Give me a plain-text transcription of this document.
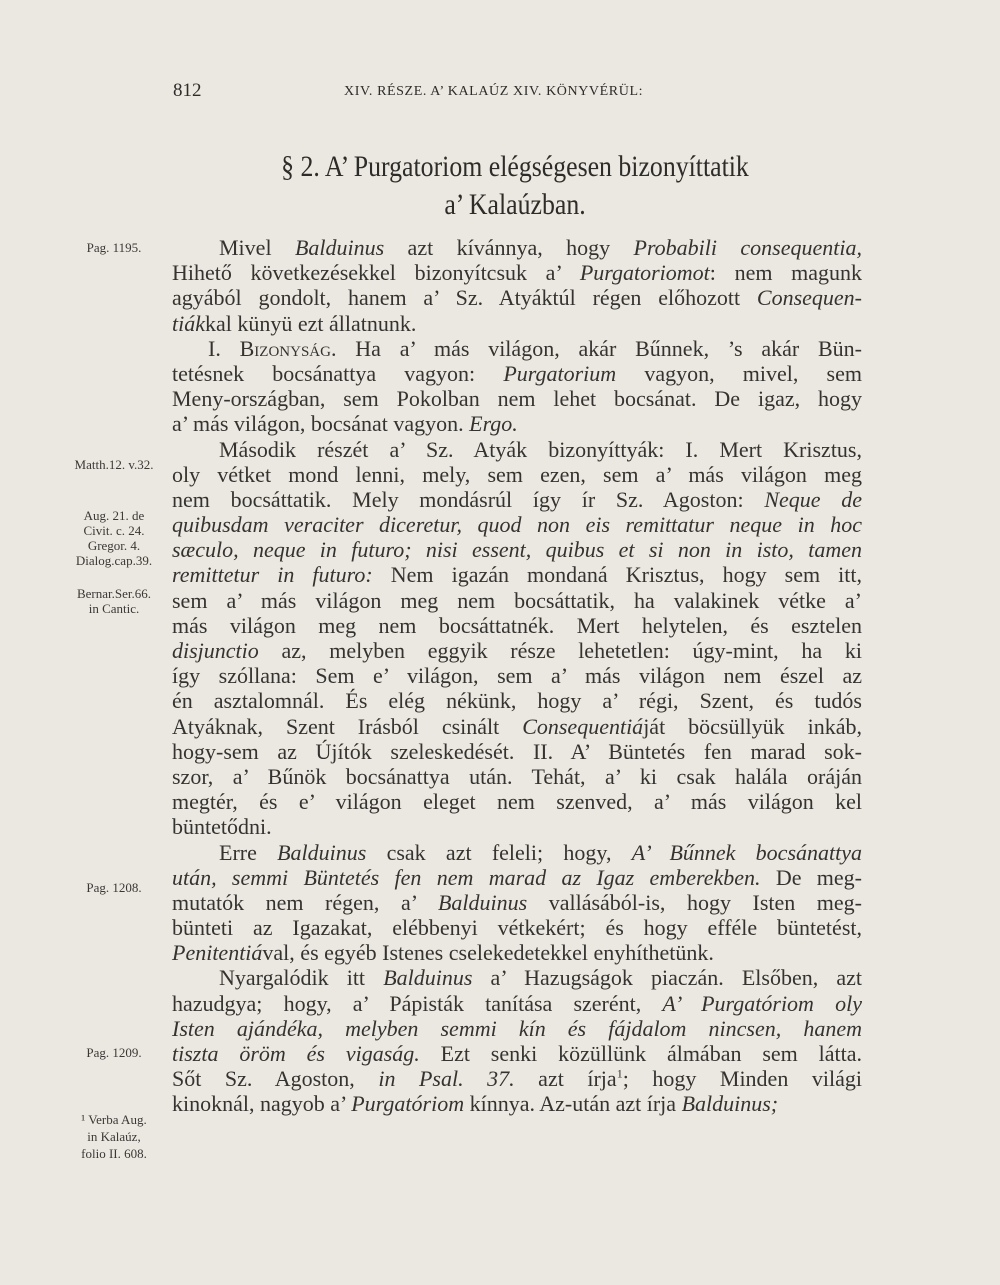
812	XIV. RÉSZE. A’ KALAÚZ XIV. KÖNYVÉRÜL:
§ 2. A’ Purgatoriom elégségesen bizonyíttatik
a’ Kalaúzban.
Pag. 1195.
Matth.12. v.32.
Aug. 21. de
Civit. c. 24.
Gregor. 4.
Dialog.cap.39.
Bernar.Ser.66.
in Cantic.
Pag. 1208.
Pag. 1209.
¹ Verba Aug.
in Kalaúz,
folio II. 608.
Mivel Balduinus azt kívánnya, hogy Probabili consequentia,
Hihető következésekkel bizonyítcsuk a’ Purgatoriomot: nem magunk
agyából gondolt, hanem a’ Sz. Atyáktúl régen előhozott Consequen-
tiákkal künyü ezt állatnunk.
I. Bizonyság. Ha a’ más világon, akár Bűnnek, ’s akár Bün-
tetésnek bocsánattya vagyon: Purgatorium vagyon, mivel, sem
Meny-országban, sem Pokolban nem lehet bocsánat. De igaz, hogy
a’ más világon, bocsánat vagyon. Ergo.
Második részét a’ Sz. Atyák bizonyíttyák: I. Mert Krisztus,
oly vétket mond lenni, mely, sem ezen, sem a’ más világon meg
nem bocsáttatik. Mely mondásrúl így ír Sz. Agoston: Neque de
quibusdam veraciter diceretur, quod non eis remittatur neque in hoc
sæculo, neque in futuro; nisi essent, quibus et si non in isto, tamen
remittetur in futuro: Nem igazán mondaná Krisztus, hogy sem itt,
sem a’ más világon meg nem bocsáttatik, ha valakinek vétke a’
más világon meg nem bocsáttatnék. Mert helytelen, és esztelen
disjunctio az, melyben eggyik része lehetetlen: úgy-mint, ha ki
így szóllana: Sem e’ világon, sem a’ más világon nem észel az
én asztalomnál. És elég nékünk, hogy a’ régi, Szent, és tudós
Atyáknak, Szent Irásból csinált Consequentiáját böcsüllyük inkáb,
hogy-sem az Újítók szeleskedését. II. A’ Büntetés fen marad sok-
szor, a’ Bűnök bocsánattya után. Tehát, a’ ki csak halála oráján
megtér, és e’ világon eleget nem szenved, a’ más világon kel
büntetődni.
Erre Balduinus csak azt feleli; hogy, A’ Bűnnek bocsánattya
után, semmi Büntetés fen nem marad az Igaz emberekben. De meg-
mutatók nem régen, a’ Balduinus vallásából-is, hogy Isten meg-
bünteti az Igazakat, elébbenyi vétkekért; és hogy efféle büntetést,
Penitentiával, és egyéb Istenes cselekedetekkel enyhíthetünk.
Nyargalódik itt Balduinus a’ Hazugságok piaczán. Elsőben, azt
hazudgya; hogy, a’ Pápisták tanítása szerént, A’ Purgatóriom oly
Isten ajándéka, melyben semmi kín és fájdalom nincsen, hanem
tiszta öröm és vigaság. Ezt senki közüllünk álmában sem látta.
Sőt Sz. Agoston, in Psal. 37. azt írja$^1$; hogy Minden világi
kinoknál, nagyob a’ Purgatóriom kínnya. Az-után azt írja Balduinus;
